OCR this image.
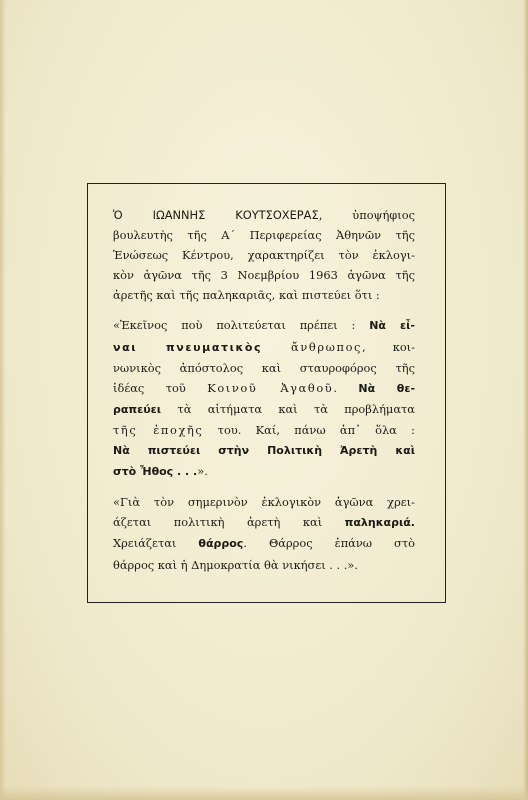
Ὁ ΙΩΑΝΝΗΣ ΚΟΥΤΣΟΧΕΡΑΣ, ὑποψήφιος
βουλευτὴς τῆς Α΄ Περιφερείας Ἀθηνῶν τῆς
Ἑνώσεως Κέντρου, χαρακτηρίζει τὸν ἐκλογι-
κὸν ἀγῶνα τῆς 3 Νοεμβρίου 1963 ἀγῶνα τῆς
ἀρετῆς καὶ τῆς παληκαριᾶς, καὶ πιστεύει ὅτι :
«Ἐκεῖνος ποὺ πολιτεύεται πρέπει : Νὰ εἶ-
ναι πνευματικὸς ἄνθρωπος, κοι-
νωνικὸς ἀπόστολος καὶ σταυροφόρος τῆς
ἰδέας τοῦ Κοινοῦ Ἀγαθοῦ. Νὰ θε-
ραπεύει τὰ αἰτήματα καὶ τὰ προβλήματα
τῆς ἐποχῆς του. Καί, πάνω ἀπ᾽ ὅλα :
Νὰ πιστεύει στὴν Πολιτικὴ Ἀρετὴ καὶ
στὸ Ἦθος . . .».
«Γιὰ τὸν σημερινὸν ἐκλογικὸν ἀγῶνα χρει-
άζεται πολιτικὴ ἀρετὴ καὶ παληκαριά.
Χρειάζεται θάρρος. Θάρρος ἐπάνω στὸ
θάρρος καὶ ἡ Δημοκρατία θὰ νικήσει . . .».
